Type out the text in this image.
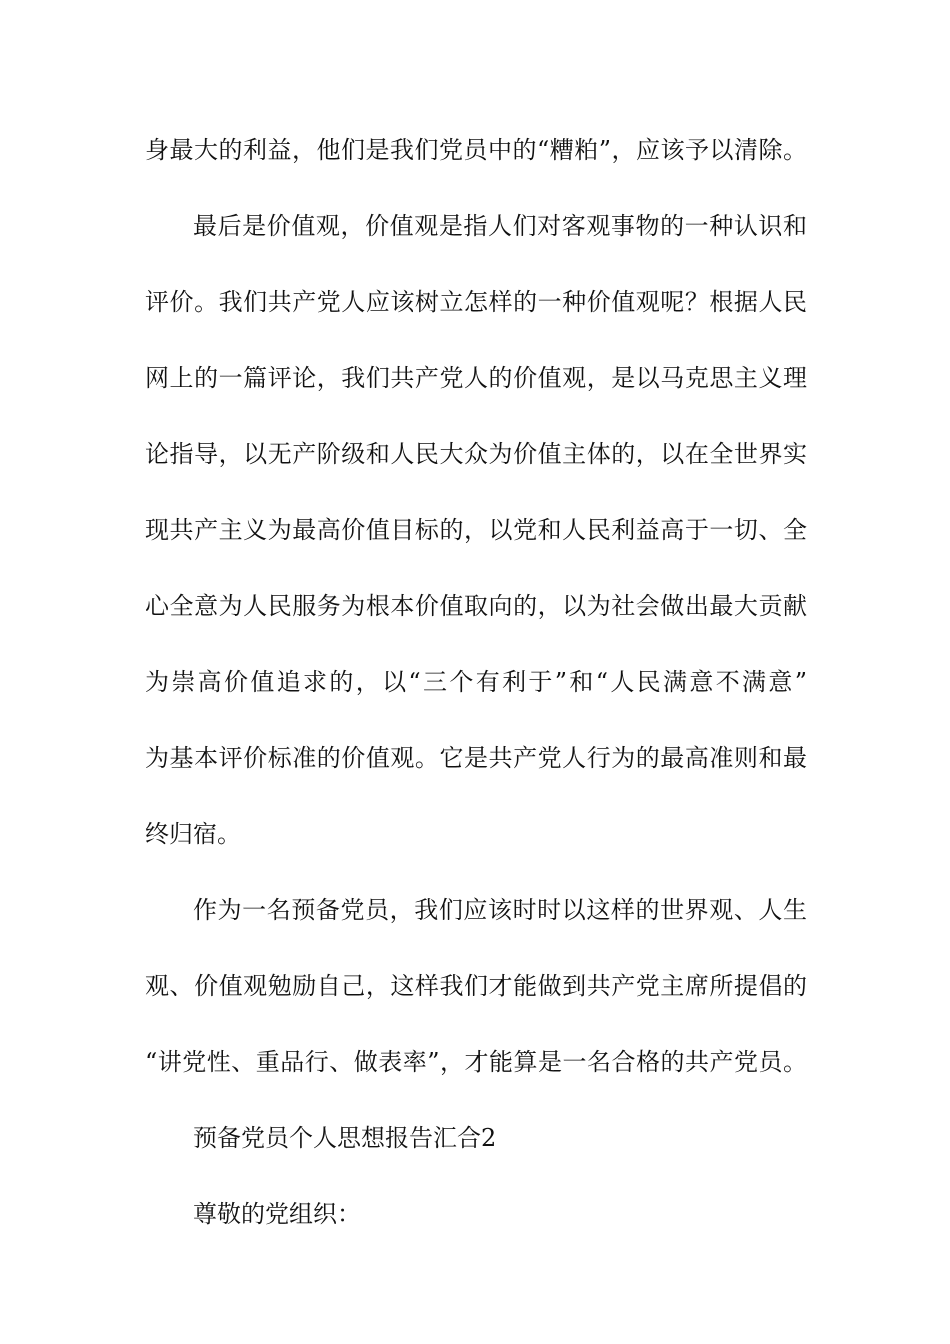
身最大的利益，他们是我们党员中的“糟粕”，应该予以清除。
最后是价值观，价值观是指人们对客观事物的一种认识和
评价。我们共产党人应该树立怎样的一种价值观呢？根据人民
网上的一篇评论，我们共产党人的价值观，是以马克思主义理
论指导，以无产阶级和人民大众为价值主体的，以在全世界实
现共产主义为最高价值目标的，以党和人民利益高于一切、全
心全意为人民服务为根本价值取向的，以为社会做出最大贡献
为崇高价值追求的，以“三个有利于”和“人民满意不满意”
为基本评价标准的价值观。它是共产党人行为的最高准则和最
终归宿。
作为一名预备党员，我们应该时时以这样的世界观、人生
观、价值观勉励自己，这样我们才能做到共产党主席所提倡的
“讲党性、重品行、做表率”，才能算是一名合格的共产党员。
预备党员个人思想报告汇合2
尊敬的党组织：
